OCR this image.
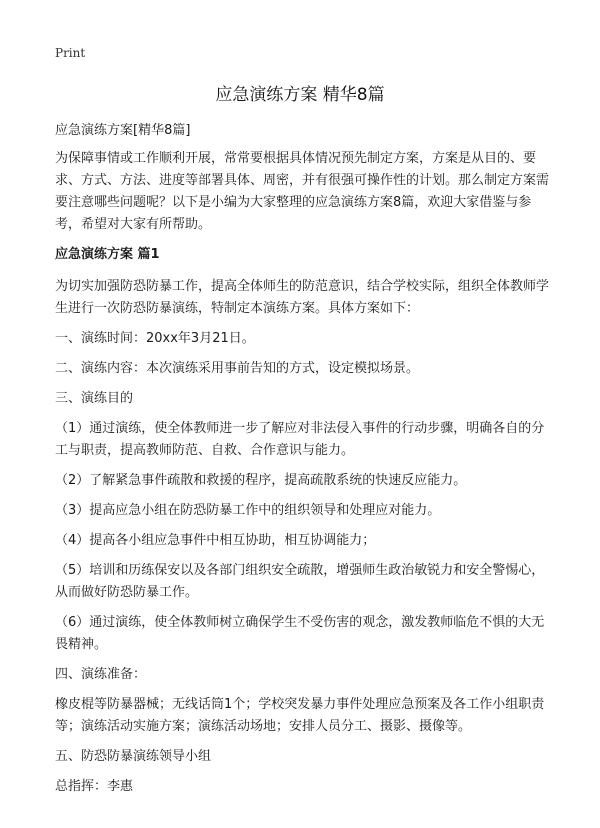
Print
应急演练方案 精华8篇

应急演练方案[精华8篇]

为保障事情或工作顺利开展，常常要根据具体情况预先制定方案，方案是从目的、要求、方式、方法、进度等部署具体、周密，并有很强可操作性的计划。那么制定方案需要注意哪些问题呢？以下是小编为大家整理的应急演练方案8篇，欢迎大家借鉴与参考，希望对大家有所帮助。

应急演练方案 篇1

为切实加强防恐防暴工作，提高全体师生的防范意识，结合学校实际，组织全体教师学生进行一次防恐防暴演练，特制定本演练方案。具体方案如下：

一、演练时间：20xx年3月21日。

二、演练内容：本次演练采用事前告知的方式，设定模拟场景。

三、演练目的

（1）通过演练，使全体教师进一步了解应对非法侵入事件的行动步骤，明确各自的分工与职责，提高教师防范、自救、合作意识与能力。

（2）了解紧急事件疏散和救援的程序，提高疏散系统的快速反应能力。

（3）提高应急小组在防恐防暴工作中的组织领导和处理应对能力。

（4）提高各小组应急事件中相互协助，相互协调能力；

（5）培训和历练保安以及各部门组织安全疏散，增强师生政治敏锐力和安全警惕心，从而做好防恐防暴工作。

（6）通过演练，使全体教师树立确保学生不受伤害的观念，激发教师临危不惧的大无畏精神。

四、演练准备：

橡皮棍等防暴器械；无线话筒1个；学校突发暴力事件处理应急预案及各工作小组职责等；演练活动实施方案；演练活动场地；安排人员分工、摄影、摄像等。

五、防恐防暴演练领导小组

总指挥：李惠
